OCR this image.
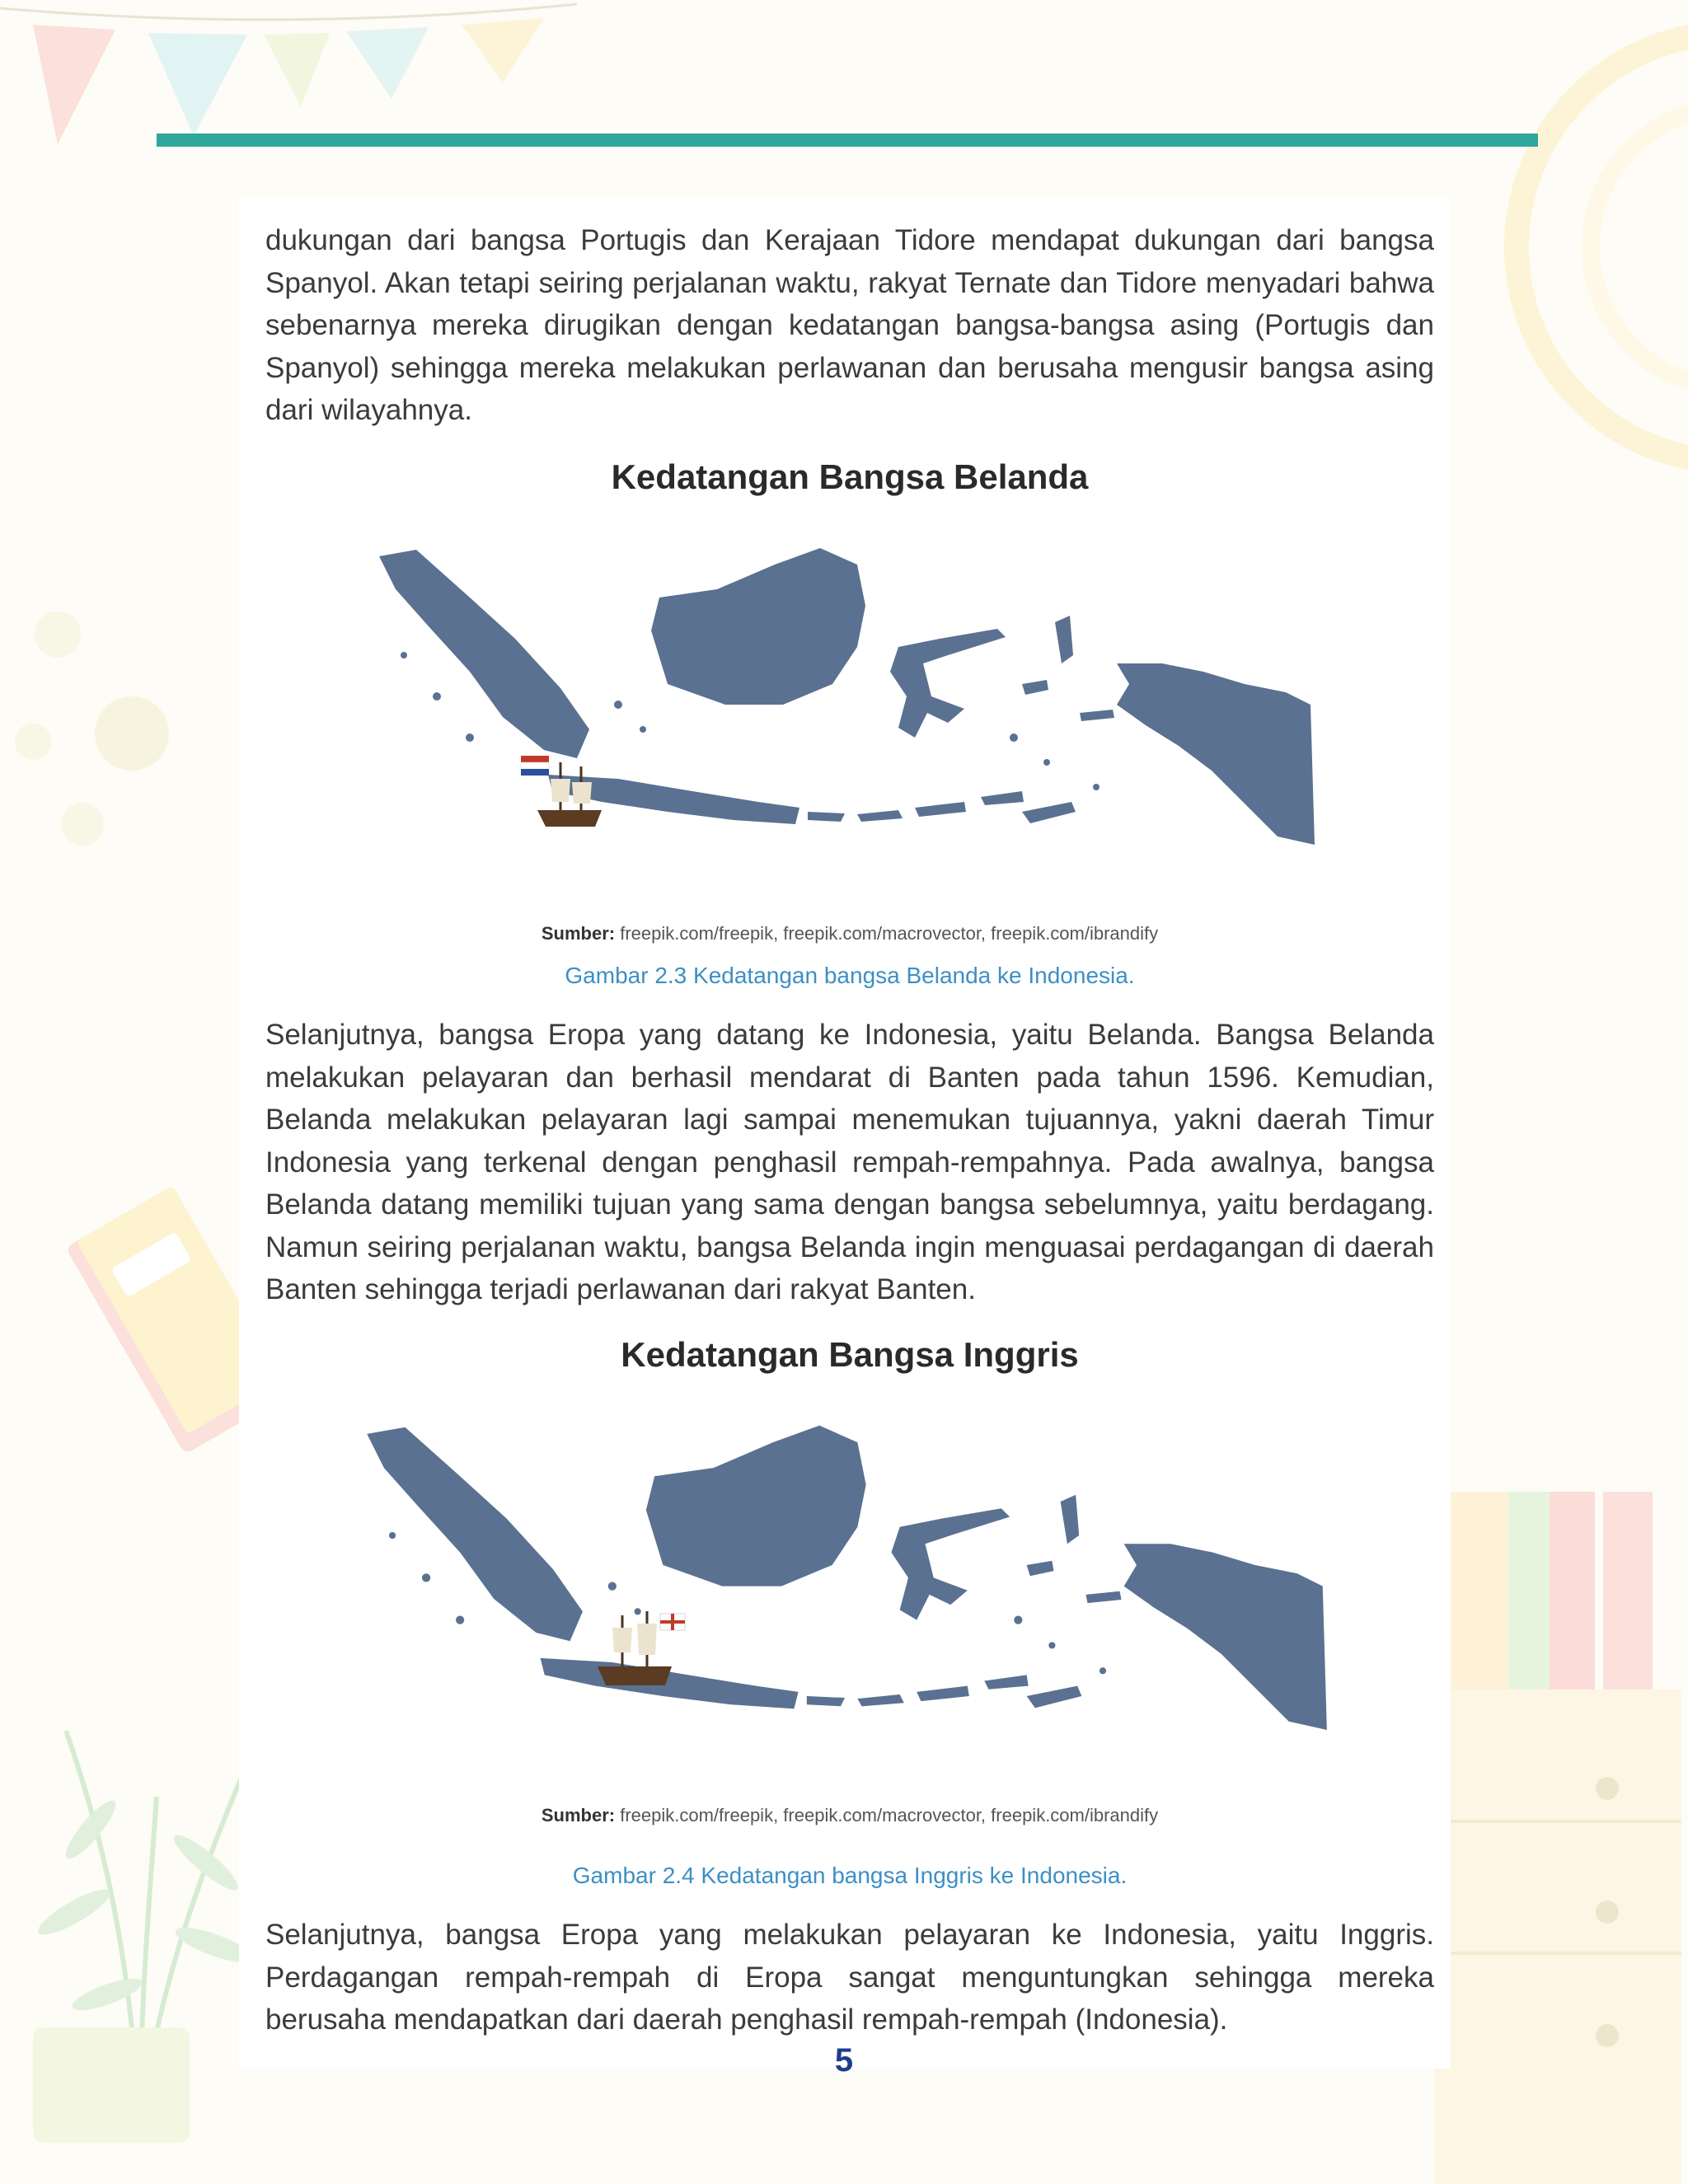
dukungan dari bangsa Portugis dan Kerajaan Tidore mendapat dukungan dari bangsa Spanyol. Akan tetapi seiring perjalanan waktu, rakyat Ternate dan Tidore menyadari bahwa sebenarnya mereka dirugikan dengan kedatangan bangsa-bangsa asing (Portugis dan Spanyol) sehingga mereka melakukan perlawanan dan berusaha mengusir bangsa asing dari wilayahnya.

Kedatangan Bangsa Belanda

Sumber: freepik.com/freepik, freepik.com/macrovector, freepik.com/ibrandify

Gambar 2.3 Kedatangan bangsa Belanda ke Indonesia.

Selanjutnya, bangsa Eropa yang datang ke Indonesia, yaitu Belanda. Bangsa Belanda melakukan pelayaran dan berhasil mendarat di Banten pada tahun 1596. Kemudian, Belanda melakukan pelayaran lagi sampai menemukan tujuannya, yakni daerah Timur Indonesia yang terkenal dengan penghasil rempah-rempahnya. Pada awalnya, bangsa Belanda datang memiliki tujuan yang sama dengan bangsa sebelumnya, yaitu berdagang. Namun seiring perjalanan waktu, bangsa Belanda ingin menguasai perdagangan di daerah Banten sehingga terjadi perlawanan dari rakyat Banten.

Kedatangan Bangsa Inggris

Sumber: freepik.com/freepik, freepik.com/macrovector, freepik.com/ibrandify

Gambar 2.4 Kedatangan bangsa Inggris ke Indonesia.

Selanjutnya, bangsa Eropa yang melakukan pelayaran ke Indonesia, yaitu Inggris. Perdagangan rempah-rempah di Eropa sangat menguntungkan sehingga mereka berusaha mendapatkan dari daerah penghasil rempah-rempah (Indonesia).

5
